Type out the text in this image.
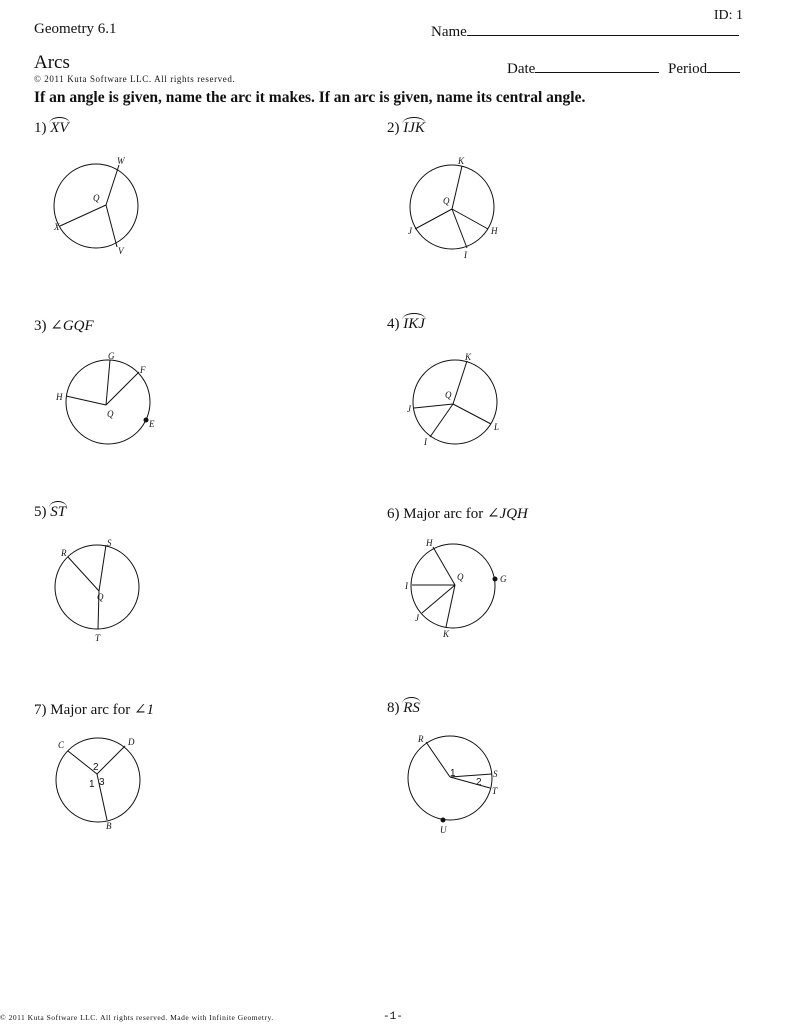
ID: 1
Geometry 6.1	Name
Arcs	Date	Period
© 2011 Kuta Software LLC. All rights reserved.
If an angle is given, name the arc it makes. If an arc is given, name its central angle.
1) XV
W
Q
X
V
2) IJK
K
Q
J	H
I
3) ∠GQF
G
F
H
Q
E
4) IKJ
K
Q
J
L
I
5) ST
S
R
Q
T
6) Major arc for ∠JQH
H
Q
I
G
J
K
7) Major arc for ∠1
C	D
2
1 3
B
8) RS
R
1
2
S
T
U
© 2011 Kuta Software LLC. All rights reserved. Made with Infinite Geometry.	-1-
